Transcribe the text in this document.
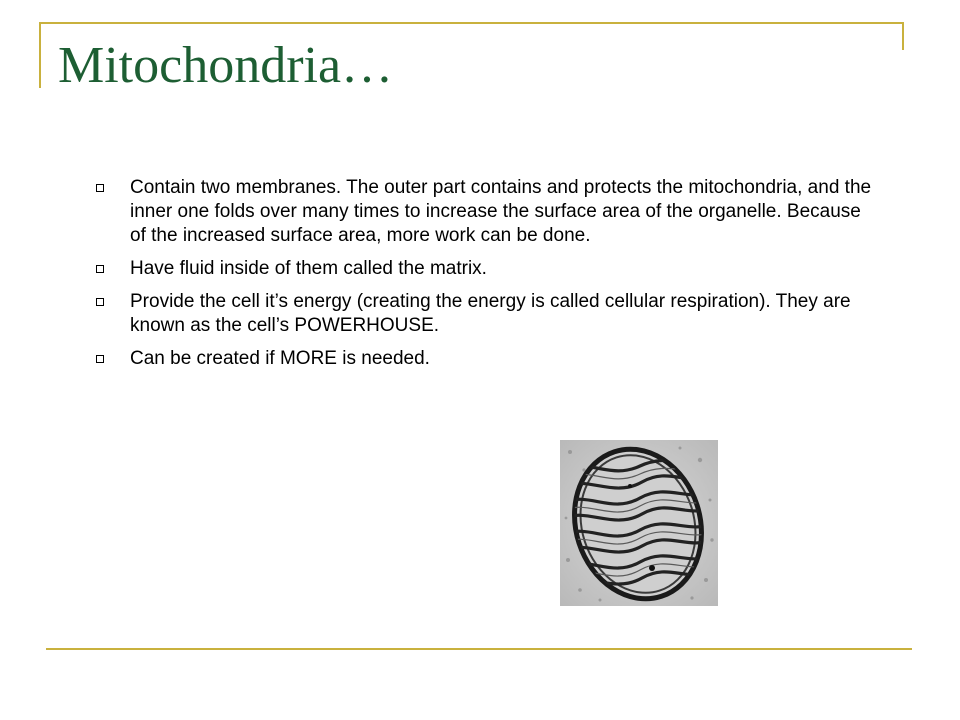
Mitochondria…
Contain two membranes. The outer part contains and protects the mitochondria, and the inner one folds over many times to increase the surface area of the organelle. Because of the increased surface area, more work can be done.
Have fluid inside of them called the matrix.
Provide the cell it’s energy (creating the energy is called cellular respiration). They are known as the cell’s POWERHOUSE.
Can be created if MORE is needed.
